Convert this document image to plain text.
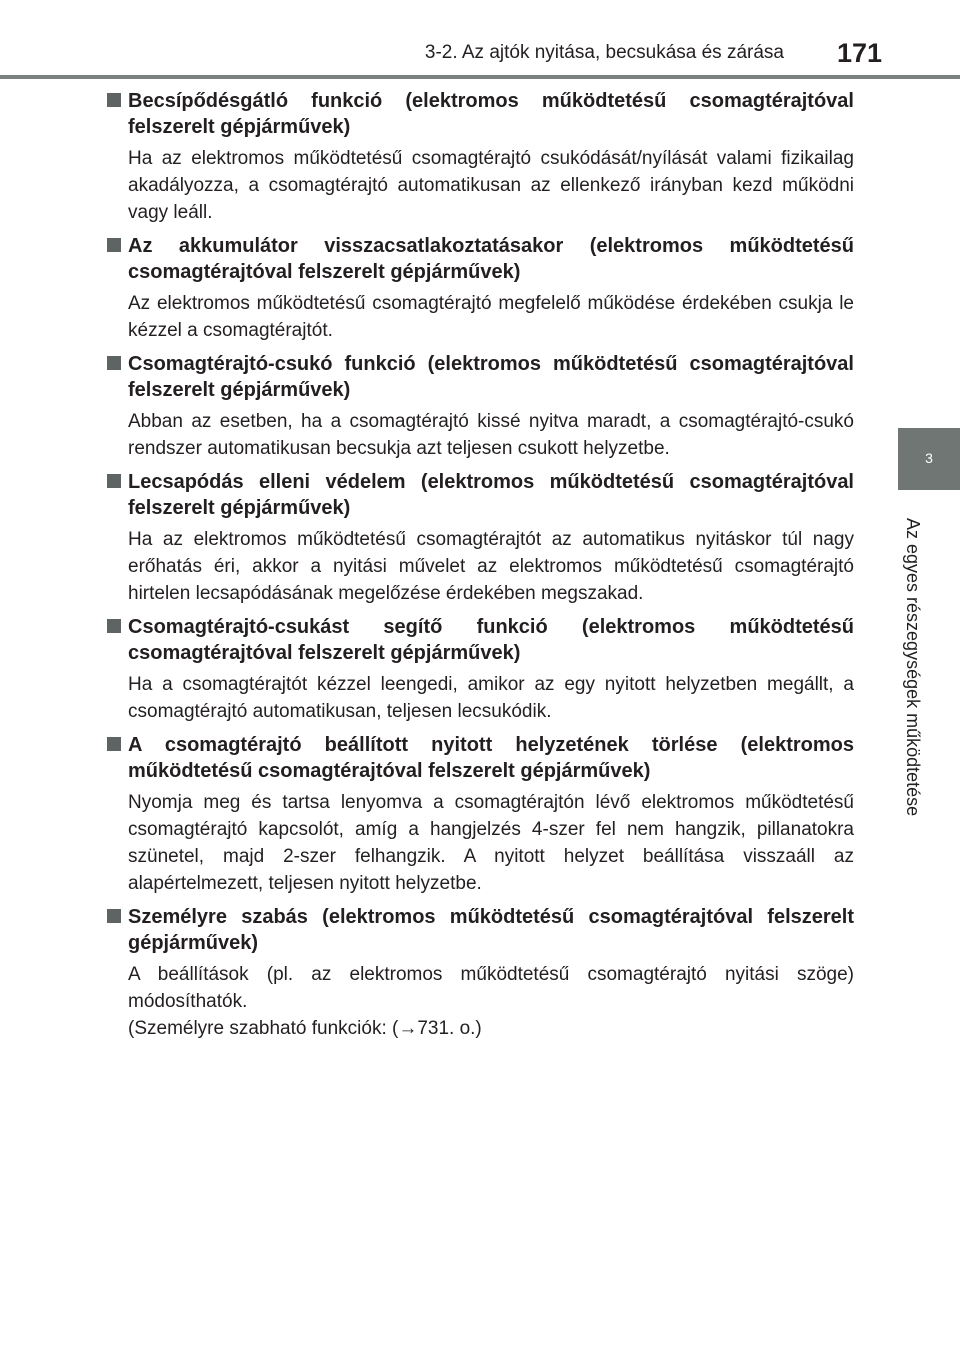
3-2. Az ajtók nyitása, becsukása és zárása 171
3
Az egyes részegységek működtetése
Becsípődésgátló funkció (elektromos működtetésű csomagtérajtóval felszerelt gépjárművek)
Ha az elektromos működtetésű csomagtérajtó csukódását/nyílását valami fizikailag akadályozza, a csomagtérajtó automatikusan az ellenkező irányban kezd működni vagy leáll.
Az akkumulátor visszacsatlakoztatásakor (elektromos működtetésű csomagtérajtóval felszerelt gépjárművek)
Az elektromos működtetésű csomagtérajtó megfelelő működése érdekében csukja le kézzel a csomagtérajtót.
Csomagtérajtó-csukó funkció (elektromos működtetésű csomagtérajtóval felszerelt gépjárművek)
Abban az esetben, ha a csomagtérajtó kissé nyitva maradt, a csomagtérajtó-csukó rendszer automatikusan becsukja azt teljesen csukott helyzetbe.
Lecsapódás elleni védelem (elektromos működtetésű csomagtérajtóval felszerelt gépjárművek)
Ha az elektromos működtetésű csomagtérajtót az automatikus nyitáskor túl nagy erőhatás éri, akkor a nyitási művelet az elektromos működtetésű csomagtérajtó hirtelen lecsapódásának megelőzése érdekében megszakad.
Csomagtérajtó-csukást segítő funkció (elektromos működtetésű csomagtérajtóval felszerelt gépjárművek)
Ha a csomagtérajtót kézzel leengedi, amikor az egy nyitott helyzetben megállt, a csomagtérajtó automatikusan, teljesen lecsukódik.
A csomagtérajtó beállított nyitott helyzetének törlése (elektromos működtetésű csomagtérajtóval felszerelt gépjárművek)
Nyomja meg és tartsa lenyomva a csomagtérajtón lévő elektromos működtetésű csomagtérajtó kapcsolót, amíg a hangjelzés 4-szer fel nem hangzik, pillanatokra szünetel, majd 2-szer felhangzik. A nyitott helyzet beállítása visszaáll az alapértelmezett, teljesen nyitott helyzetbe.
Személyre szabás (elektromos működtetésű csomagtérajtóval felszerelt gépjárművek)
A beállítások (pl. az elektromos működtetésű csomagtérajtó nyitási szöge) módosíthatók.
(Személyre szabható funkciók: (→731. o.)
